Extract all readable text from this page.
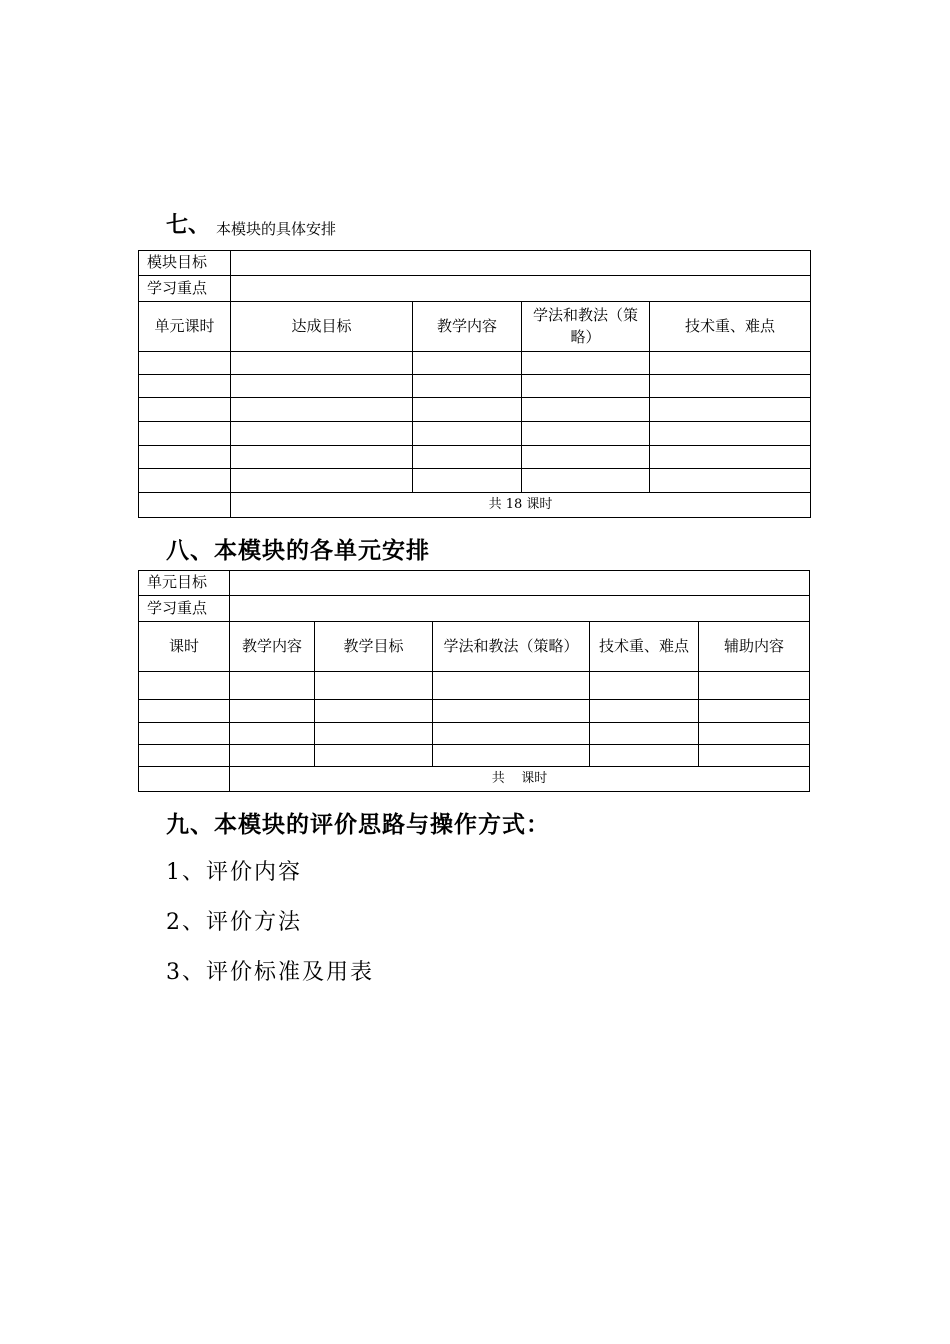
七、 本模块的具体安排
模块目标				
学习重点				
单元课时	达成目标	教学内容	学法和教法（策略）	技术重、难点

	共 18 课时			
八、本模块的各单元安排
单元目标					
学习重点					
课时	教学内容	教学目标	学法和教法（策略）	技术重、难点	辅助内容

	共    课时				
九、本模块的评价思路与操作方式：
1、评价内容
2、评价方法
3、评价标准及用表
